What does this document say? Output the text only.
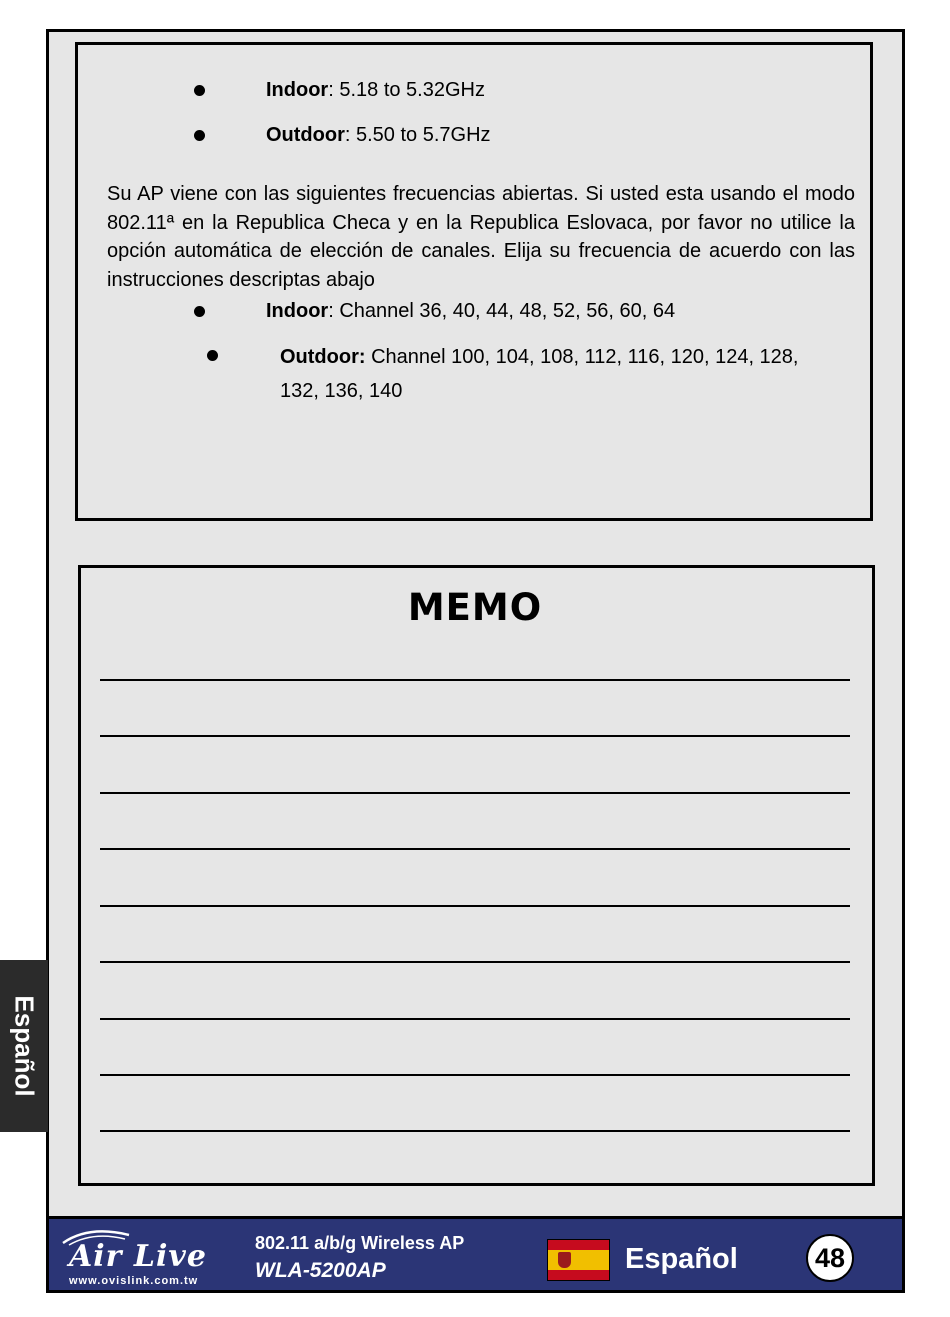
Indoor: 5.18 to 5.32GHz
Outdoor: 5.50 to 5.7GHz

Su AP viene con las siguientes frecuencias abiertas. Si usted esta usando el modo 802.11ª en la Republica Checa y en la Republica Eslovaca, por favor no utilice la opción automática de elección de canales. Elija su frecuencia de acuerdo con las instrucciones descriptas abajo

Indoor: Channel 36, 40, 44, 48, 52, 56, 60, 64
Outdoor: Channel 100, 104, 108, 112, 116, 120, 124, 128,
132, 136, 140
MEMO
Español
Air Live
www.ovislink.com.tw
802.11 a/b/g Wireless AP
WLA-5200AP	Español	48
